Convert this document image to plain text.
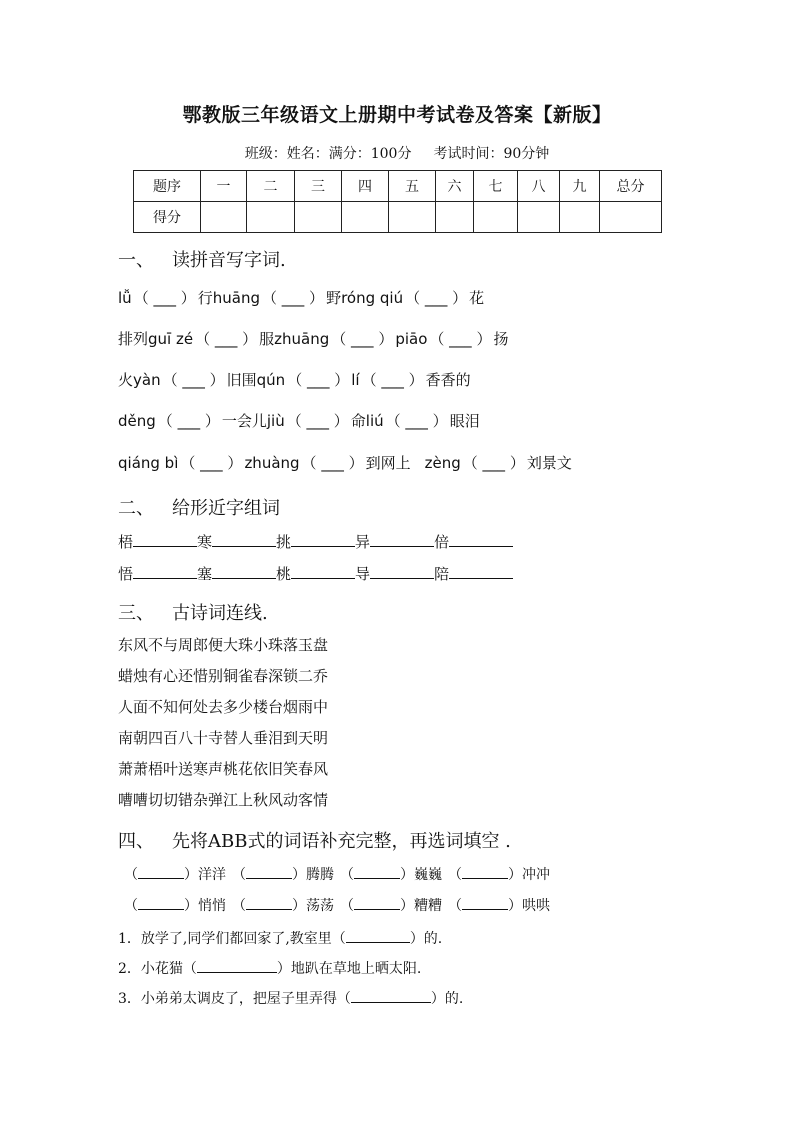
鄂教版三年级语文上册期中考试卷及答案【新版】
班级：姓名：满分：100分 考试时间：90分钟
题序	一	二	三	四	五	六	七	八	九	总分
得分										
一、 读拼音写字词.
lǚ （ ___ ） 行huāng （ ___ ） 野róng qiú （ ___ ） 花
排列guī zé （ ___ ） 服zhuāng （ ___ ） piāo （ ___ ） 扬
火yàn （ ___ ） 旧围qún （ ___ ） lí （ ___ ） 香香的
děng （ ___ ） 一会儿jiù （ ___ ） 命liú （ ___ ） 眼泪
qiáng bì （ ___ ） zhuàng （ ___ ） 到网上 zèng （ ___ ） 刘景文
二、 给形近字组词
梧	寒	挑	异	倍
悟	塞	桃	导	陪
三、 古诗词连线.
东风不与周郎便大珠小珠落玉盘
蜡烛有心还惜别铜雀春深锁二乔
人面不知何处去多少楼台烟雨中
南朝四百八十寺替人垂泪到天明
萧萧梧叶送寒声桃花依旧笑春风
嘈嘈切切错杂弹江上秋风动客情
四、 先将ABB式的词语补充完整，再选词填空 .
（	）洋洋 （	）腾腾 （	）巍巍 （	）冲冲
（	）悄悄 （	）荡荡 （	）糟糟 （	）哄哄
1．放学了,同学们都回家了,教室里（	）的.
2．小花猫（	）地趴在草地上晒太阳.
3．小弟弟太调皮了，把屋子里弄得（	）的.
